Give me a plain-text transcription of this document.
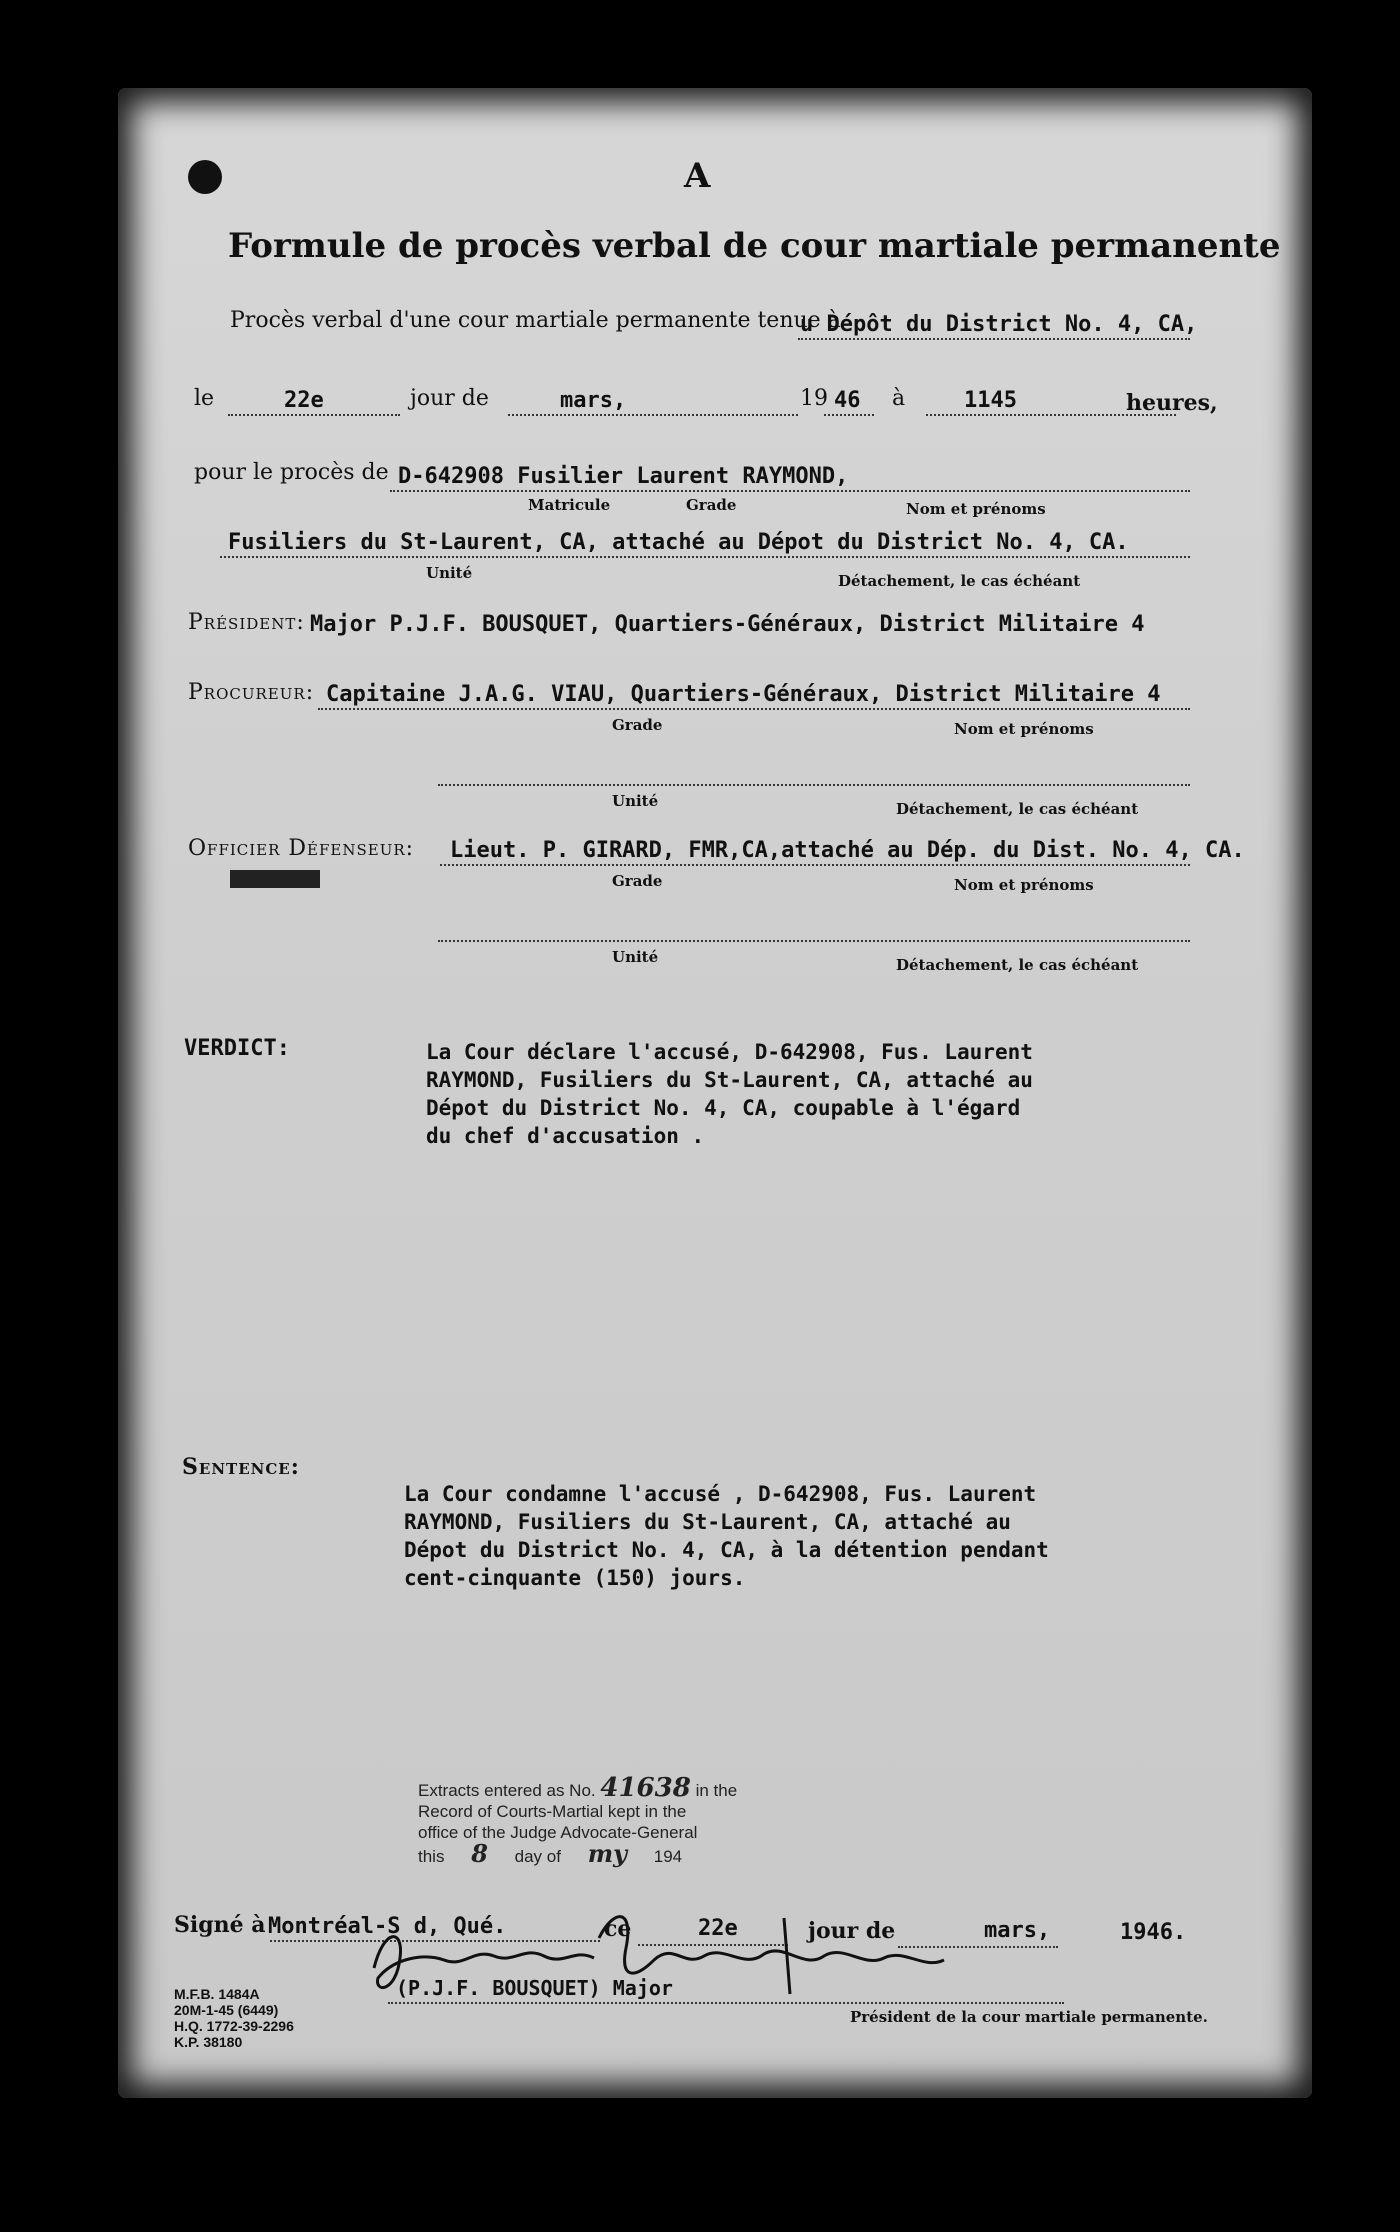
A
Formule de procès verbal de cour martiale permanente
Procès verbal d'une cour martiale permanente tenue à
u Dépôt du District No. 4, CA,
le	22e	jour de	mars,	19 46 à	1145	heures,
pour le procès de D-642908 Fusilier Laurent RAYMOND,
Matricule	Grade	Nom et prénoms
Fusiliers du St-Laurent, CA, attaché au Dépot du District No. 4, CA.
Unité	Détachement, le cas échéant
Président: Major P.J.F. BOUSQUET, Quartiers-Généraux, District Militaire 4
Procureur: Capitaine J.A.G. VIAU, Quartiers-Généraux, District Militaire 4
Grade	Nom et prénoms
Unité	Détachement, le cas échéant
Officier Défenseur: Lieut. P. GIRARD, FMR,CA,attaché au Dép. du Dist. No. 4, CA.
BEXÁXXXXX	Grade	Nom et prénoms
Unité	Détachement, le cas échéant
VERDICT:	La Cour déclare l'accusé, D-642908, Fus. Laurent
RAYMOND, Fusiliers du St-Laurent, CA, attaché au
Dépot du District No. 4, CA, coupable à l'égard
du chef d'accusation .
Sentence:
La Cour condamne l'accusé , D-642908, Fus. Laurent
RAYMOND, Fusiliers du St-Laurent, CA, attaché au
Dépot du District No. 4, CA, à la détention pendant
cent-cinquante (150) jours.
Extracts entered as No. 41638 in the
Record of Courts-Martial kept in the
office of the Judge Advocate-General
this 8 day of my 194
Signé à Montréal-S d, Qué.	ce	22e	jour de	mars,	1946.
(P.J.F. BOUSQUET) Major
Président de la cour martiale permanente.
M.F.B. 1484A
20M-1-45 (6449)
H.Q. 1772-39-2296
K.P. 38180
